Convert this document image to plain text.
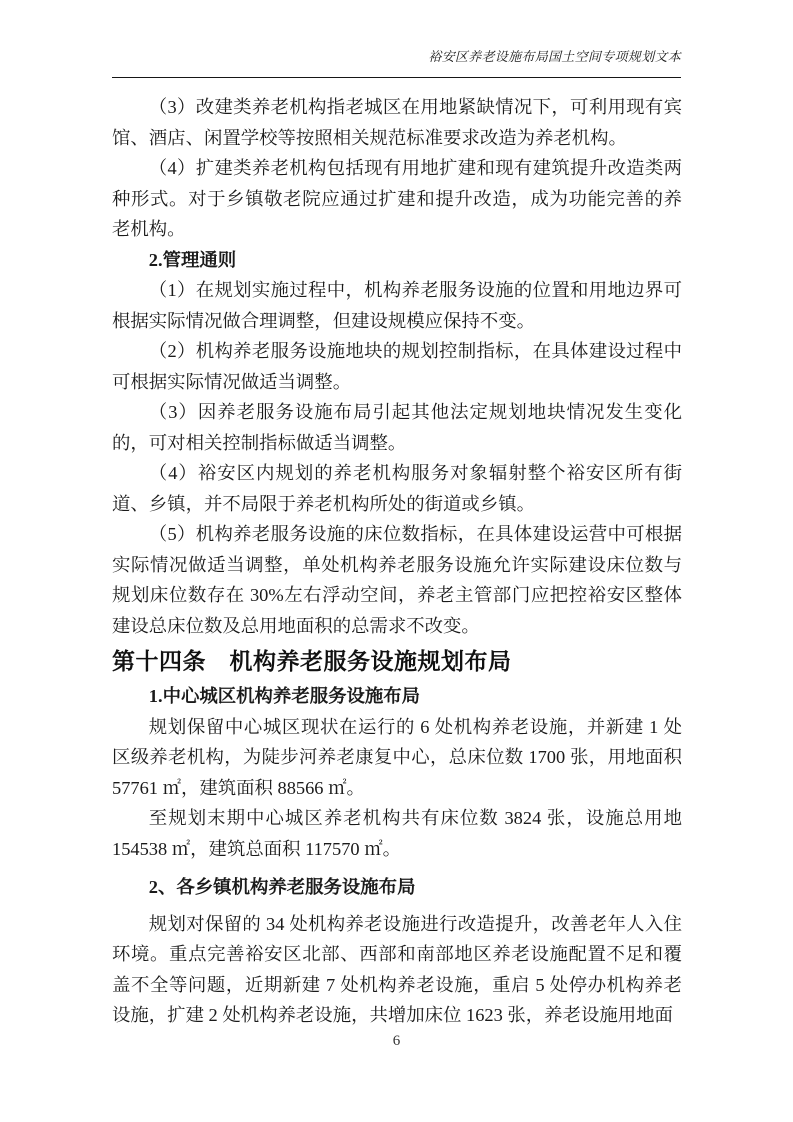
裕安区养老设施布局国土空间专项规划文本

（3）改建类养老机构指老城区在用地紧缺情况下，可利用现有宾馆、酒店、闲置学校等按照相关规范标准要求改造为养老机构。

（4）扩建类养老机构包括现有用地扩建和现有建筑提升改造类两种形式。对于乡镇敬老院应通过扩建和提升改造，成为功能完善的养老机构。

2.管理通则

（1）在规划实施过程中，机构养老服务设施的位置和用地边界可根据实际情况做合理调整，但建设规模应保持不变。

（2）机构养老服务设施地块的规划控制指标，在具体建设过程中可根据实际情况做适当调整。

（3）因养老服务设施布局引起其他法定规划地块情况发生变化的，可对相关控制指标做适当调整。

（4）裕安区内规划的养老机构服务对象辐射整个裕安区所有街道、乡镇，并不局限于养老机构所处的街道或乡镇。

（5）机构养老服务设施的床位数指标，在具体建设运营中可根据实际情况做适当调整，单处机构养老服务设施允许实际建设床位数与规划床位数存在 30%左右浮动空间，养老主管部门应把控裕安区整体建设总床位数及总用地面积的总需求不改变。

第十四条　机构养老服务设施规划布局

1.中心城区机构养老服务设施布局

规划保留中心城区现状在运行的 6 处机构养老设施，并新建 1 处区级养老机构，为陡步河养老康复中心，总床位数 1700 张，用地面积 57761 ㎡，建筑面积 88566 ㎡。

至规划末期中心城区养老机构共有床位数 3824 张，设施总用地 154538 ㎡，建筑总面积 117570 ㎡。

2、各乡镇机构养老服务设施布局

规划对保留的 34 处机构养老设施进行改造提升，改善老年人入住环境。重点完善裕安区北部、西部和南部地区养老设施配置不足和覆盖不全等问题，近期新建 7 处机构养老设施，重启 5 处停办机构养老设施，扩建 2 处机构养老设施，共增加床位 1623 张，养老设施用地面

6
